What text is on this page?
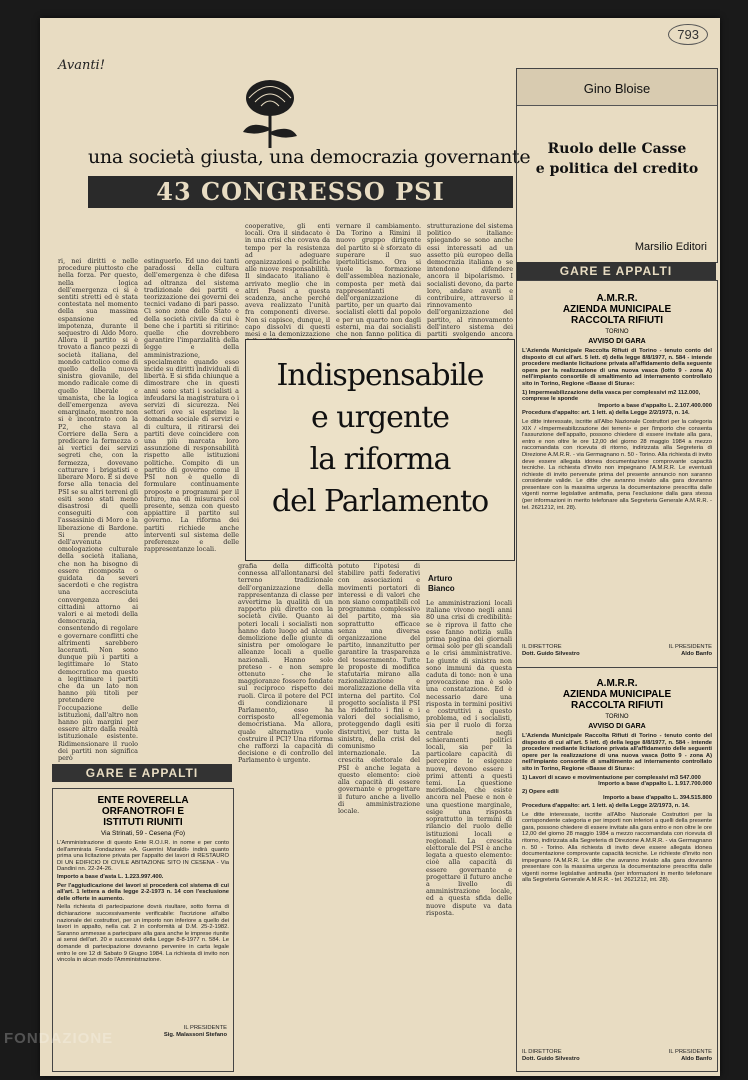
Avanti!
793
una società giusta, una democrazia governante
43 CONGRESSO PSI
ri, nei diritti e nelle procedure piuttosto che nella forza. Per questo, nella logica dell'emergenza ci si è sentiti stretti ed è stata contestata nel momento della sua massima espansione ed impotenza, durante il sequestro di Aldo Moro. Allora il partito si è trovato a fianco pezzi di società italiana, del mondo cattolico come di quello della nuova sinistra giovanile, del mondo radicale come di quello liberale e umanista, che la logica dell'emergenza aveva emarginato, mentre non si è incontrato con la P2, che stava al Corriere della Sera a predicare la fermezza o ai vertici dei servizi segreti che, con la fermezza, dovevano catturare i brigatisti e liberare Moro. E si deve forse alla tenacia del PSI se su altri terreni gli esiti sono stati meno disastrosi di quelli conseguiti con l'assassinio di Moro e la liberazione di Bardone. Si prende atto dell'avvenuta omologazione culturale della società italiana, che non ha bisogno di essere ricomposta o guidata da severi sacerdoti e che registra una accresciuta convergenza dei cittadini attorno ai valori e ai metodi della democrazia, consentendo di regolare e governare conflitti che altrimenti sarebbero laceranti. Non sono dunque più i partiti a legittimare lo Stato democratico ma questo a legittimare i partiti che da un lato non hanno più titoli per pretendere l'occupazione delle istituzioni, dall'altro non hanno più margini per essere altro dalla realtà istituzionale esistente. Ridimensionare il ruolo dei partiti non significa però
estinguerlo. Ed uno dei tanti paradossi della cultura dell'emergenza è che difesa ad oltranza del sistema tradizionale dei partiti e teorizzazione dei governi dei tecnici vadano di pari passo. Ci sono zone dello Stato e della società civile da cui è bene che i partiti si ritirino: quelle che dovrebbero garantire l'imparzialità della legge e della amministrazione, specialmente quando esso incide su diritti individuali di libertà. E si sfida chiunque a dimostrare che in questi anni sono stati i socialisti a infeudarsi la magistratura o i servizi di sicurezza. Nei settori ove si esprime la domanda sociale di servizi e di cultura, il ritirarsi dei partiti deve coincidere con una più marcata loro assunzione di responsabilità rispetto alle istituzioni politiche. Compito di un partito di governo come il PSI non è quello di formulare continuamente proposte e programmi per il futuro, ma di misurarsi col presente, senza con questo appiattire il partito sul governo. La riforma dei partiti richiede anche interventi sul sistema delle preferenze e delle rappresentanze locali.
cooperative, gli enti locali. Ora il sindacato è in una crisi che covava da tempo per la resistenza ad adeguare organizzazioni e politiche alle nuove responsabilità. Il sindacato italiano è arrivato meglio che in altri Paesi a questa scadenza, anche perché aveva realizzato l'unità fra componenti diverse. Non si capisce, dunque, il capo dissolvi di questi mesi e la demonizzazione
vernare il cambiamento. Da Torino a Rimini il nuovo gruppo dirigente del partito si è sforzato di superare il suo ipertoliticismo. Ora si vuole la formazione dell'assemblea nazionale, composta per metà dai rappresentanti dell'organizzazione di partito, per un quarto dai socialisti eletti dal popolo e per un quarto non dagli esterni, ma dai socialisti che non fanno politica di
strutturazione del sistema politico italiano: spiegando se sono anche essi interessati ad un assetto più europeo della democrazia italiana o se intendono difendere ancora il bipolarismo. I socialisti devono, da parte loro, andare avanti e contribuire, attraverso il rinnovamento dell'organizzazione del partito, al rinnovamento dell'intero sistema dei partiti svolgendo ancora
Indispensabile
e urgente
la riforma
del Parlamento
grafia della difficoltà connessa all'allontanarsi del terreno tradizionale dell'organizzazione della rappresentanza di classe per avvertirne la qualità di un rapporto più diretto con la società civile. Quanto ai poteri locali i socialisti non hanno dato luogo ad alcuna demolizione delle giunte di sinistra per omologare le alleanze locali a quelle nazionali. Hanno solo preteso - e non sempre ottenuto - che le maggioranze fossero fondate sul reciproco rispetto dei ruoli. Circa il potere del PCI di condizionare il Parlamento, esso ha corrisposto all'egemonia democristiana. Ma allora, quale alternativa vuole costruire il PCI? Una riforma che rafforzi la capacità di decisione e di controllo del Parlamento è urgente.
potuto l'ipotesi di stabilire patti federativi con associazioni e movimenti portatori di interessi e di valori che non siano compatibili col programma complessivo del partito, ma sia soprattutto efficace senza una diversa organizzazione del partito, innanzitutto per garantire la trasparenza del tesseramento. Tutte le proposte di modifica statutaria mirano alla razionalizzazione e moralizzazione della vita interna del partito. Col progetto socialista il PSI ha ridefinito i fini e i valori del socialismo, proteggendo dagli esiti distruttivi, per tutta la sinistra, della crisi del comunismo internazionale. La crescita elettorale del PSI è anche legata a questo elemento: cioè alla capacità di essere governante e progettare il futuro anche a livello di amministrazione locale.
Arturo
Bianco
Le amministrazioni locali italiane vivono negli anni 80 una crisi di credibilità: se è riprova il fatto che esse fanno notizia sulla prima pagina dei giornali ormai solo per gli scandali e le crisi amministrative. Le giunte di sinistra non sono immuni da questa caduta di tono: non è una provocazione ma è solo una constatazione. Ed è necessario dare una risposta in termini positivi e costruttivi a questo problema, ed i socialisti, sia per il ruolo di forza centrale negli schieramenti politici locali, sia per la particolare capacità di percepire le esigenze nuove, devono essere i primi attenti a questi temi. La questione meridionale, che esiste ancora nel Paese e non è una questione marginale, esige una risposta soprattutto in termini di rilancio del ruolo delle istituzioni locali e regionali. La crescita elettorale del PSI è anche legata a questo elemento: cioè alla capacità di essere governante e progettare il futuro anche a livello di amministrazione locale, ed a questa sfida delle nuove dispute va data risposta.
GARE E APPALTI
ENTE ROVERELLA
ORFANOTROFI E
ISTITUTI RIUNITI
Via Strinati, 59 - Cesena (Fo)
L'Amministrazione di questo Ente R.O.I.R. in nome e per conto dell'ammirata Fondazione «A. Guerrini Maraldi» indirà quanto prima una licitazione privata per l'appalto dei lavori di RESTAURO DI UN EDIFICIO DI CIVILE ABITAZIONE SITO IN CESENA - Via Dandini nn. 22-24-26.
Importo a base d'asta L. 1.223.997.400.
Per l'aggiudicazione dei lavori si procederà col sistema di cui all'art. 1 lettera a della legge 2-2-1973 n. 14 con l'esclusione delle offerte in aumento.
Nella richiesta di partecipazione dovrà risultare, sotto forma di dichiarazione successivamente verificabile: l'iscrizione all'albo nazionale dei costruttori, per un importo non inferiore a quello dei lavori in appalto, nella cat. 2 in conformità al D.M. 25-2-1982. Saranno ammesse a partecipare alla gara anche le imprese riunite ai sensi dell'art. 20 e successivi della Legge 8-8-1977 n. 584. Le domande di partecipazione dovranno pervenire in carta legale entro le ore 12 di Sabato 9 Giugno 1984. La richiesta di invito non vincola in alcun modo l'Amministrazione.
IL PRESIDENTE
Sig. Malassoni Stefano
Gino Bloise
Ruolo delle Casse
e politica del credito
Marsilio Editori
GARE E APPALTI
A.M.R.R.
AZIENDA MUNICIPALE
RACCOLTA RIFIUTI
TORINO
AVVISO DI GARA
L'Azienda Municipale Raccolta Rifiuti di Torino - tenuto conto del disposto di cui all'art. 5 lett. d) della legge 8/8/1977, n. 584 - intende procedere mediante licitazione privata all'affidamento della seguente opera per la realizzazione di una nuova vasca (lotto 9 - zona A) nell'impianto consortile di smaltimento ad interramento controllato sito in Torino, Regione «Basse di Stura»:
1) Impermeabilizzazione della vasca per complessivi m2 112.000, comprese le sponde
Importo a base d'appalto L. 2.107.400.000
Procedura d'appalto: art. 1 lett. a) della Legge 2/2/1973, n. 14.
Le ditte interessate, iscritte all'Albo Nazionale Costruttori per la categoria XIX / «Impermeabilizzazione dei terreni» e per l'importo che consenta l'assunzione dell'appalto, possono chiedere di essere invitate alla gara, entro e non oltre le ore 12,00 del giorno 28 maggio 1984 a mezzo raccomandata con ricevuta di ritorno, indirizzata alla Segreteria di Direzione A.M.R.R. - via Germagnano n. 50 - Torino. Alla richiesta di invito deve essere allegata idonea documentazione comprovante capacità tecniche. La richiesta d'invito non impegnano l'A.M.R.R. Le eventuali richieste di invito pervenute prima del presente annuncio non saranno considerate valide. Le ditte che avranno inviato alla gara dovranno presentare con la massima urgenza la documentazione prescritta dalle vigenti norme legislative antimafia, pena l'esclusione dalla gara stessa (per informazioni in merito telefonare alla Segreteria Generale A.M.R.R. - tel. 2621212, int. 28).
IL DIRETTORE
Dott. Guido Silvestro
IL PRESIDENTE
Aldo Banfo
A.M.R.R.
AZIENDA MUNICIPALE
RACCOLTA RIFIUTI
TORINO
AVVISO DI GARA
L'Azienda Municipale Raccolta Rifiuti di Torino - tenuto conto del disposto di cui all'art. 5 lett. d) della legge 8/8/1977, n. 584 - intende procedere mediante licitazione privata all'affidamento delle seguenti opere per la realizzazione di una nuova vasca (lotto 9 - zona A) nell'impianto consortile di smaltimento ad interramento controllato sito in Torino, Regione «Basse di Stura»:
1) Lavori di scavo e movimentazione per complessivi m3 547.000
Importo a base d'appalto L. 1.917.700.000
2) Opere edili
Importo a base d'appalto L. 394.515.800
Procedura d'appalto: art. 1 lett. a) della Legge 2/2/1973, n. 14.
Le ditte interessate, iscritte all'Albo Nazionale Costruttori per la corrispondente categoria e per importi non inferiori a quelli della presente gara, possono chiedere di essere invitate alla gara entro e non oltre le ore 12,00 del giorno 28 maggio 1984 a mezzo raccomandata con ricevuta di ritorno, indirizzata alla Segreteria di Direzione A.M.R.R. - via Germagnano n. 50 - Torino. Alla richiesta di invito deve essere allegata idonea documentazione comprovante capacità tecniche. Le richieste d'invito non impegnano l'A.M.R.R. Le ditte che avranno inviato alla gara dovranno presentare con la massima urgenza la documentazione prescritta dalle vigenti norme legislative antimafia (per informazioni in merito telefonare alla Segreteria Generale A.M.R.R. - tel. 2621212, int. 28).
IL DIRETTORE
Dott. Guido Silvestro
IL PRESIDENTE
Aldo Banfo
FONDAZIONE
